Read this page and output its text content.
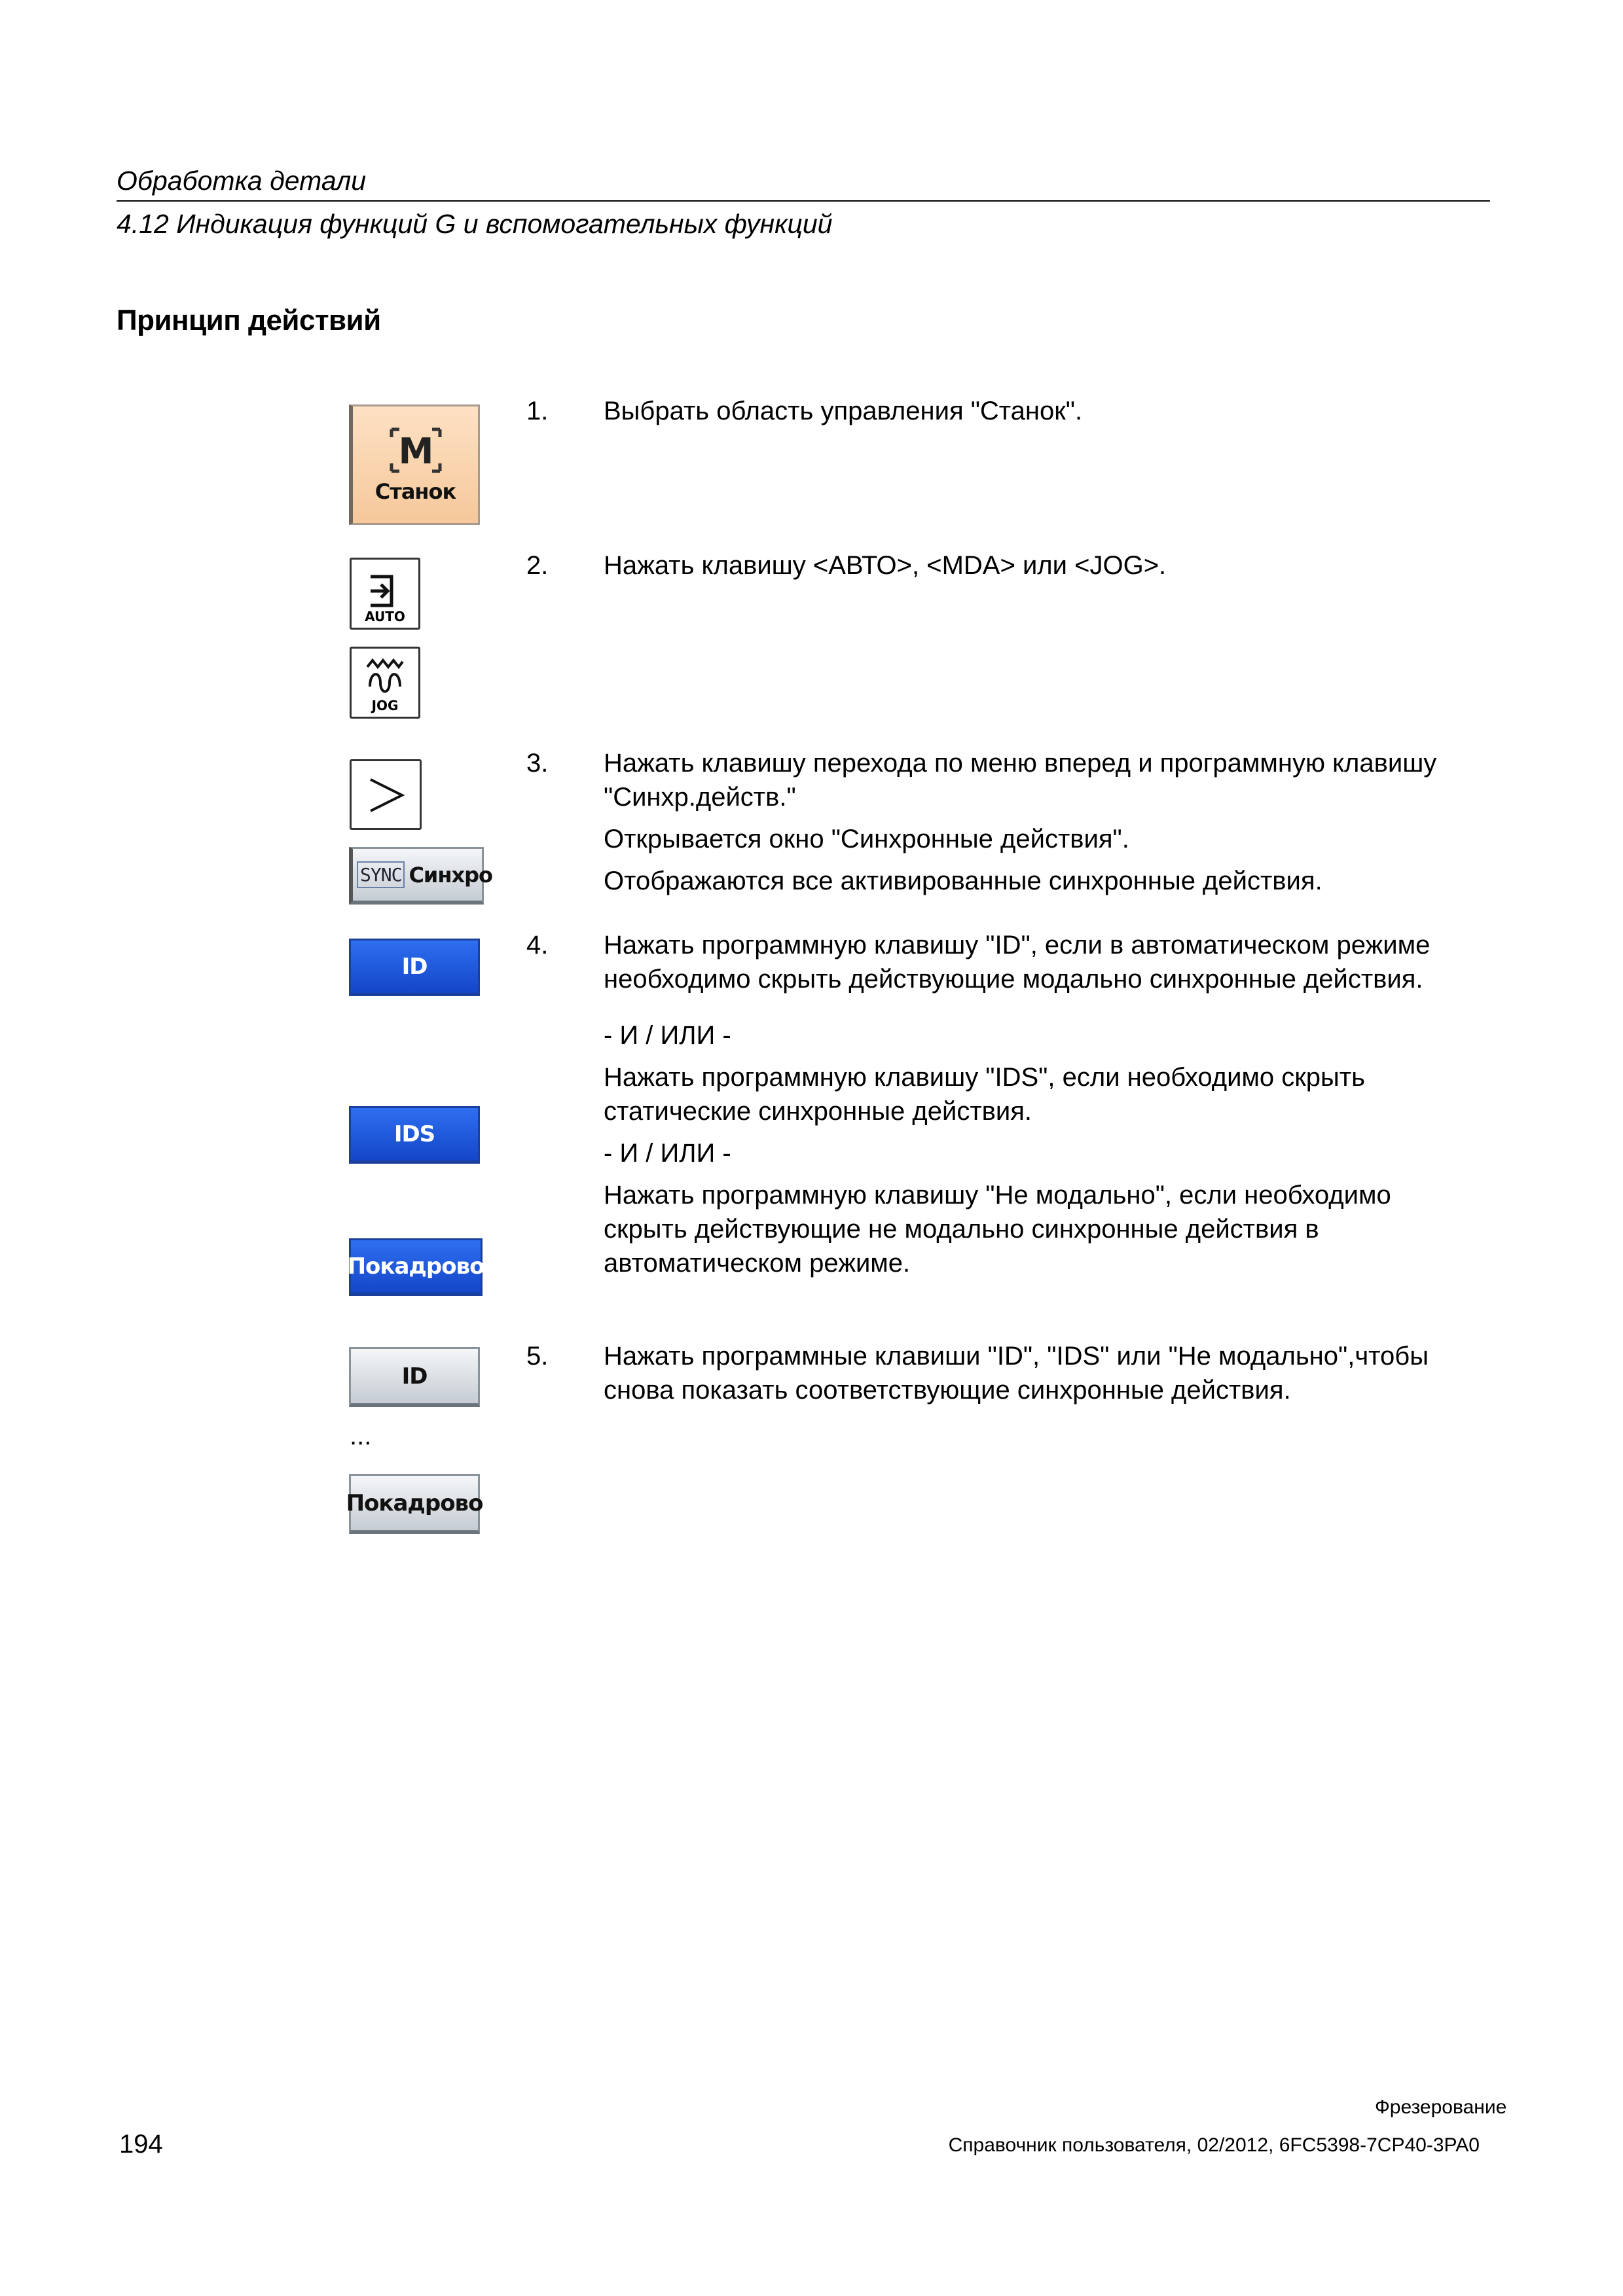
Обработка детали
4.12 Индикация функций G и вспомогательных функций
Принцип действий
M
Станок
AUTO
JOG
SYNC Синхро
ID
IDS
Покадрово
ID
...
Покадрово
1. Выбрать область управления "Станок".

2. Нажать клавишу <АВТО>, <MDA> или <JOG>.

3. Нажать клавишу перехода по меню вперед и программную клавишу "Синхр.действ."

Открывается окно "Синхронные действия".

Отображаются все активированные синхронные действия.

4. Нажать программную клавишу "ID", если в автоматическом режиме необходимо скрыть действующие модально синхронные действия.

- И / ИЛИ -

Нажать программную клавишу "IDS", если необходимо скрыть статические синхронные действия.

- И / ИЛИ -

Нажать программную клавишу "Не модально", если необходимо скрыть действующие не модально синхронные действия в автоматическом режиме.

5. Нажать программные клавиши "ID", "IDS" или "Не модально",чтобы снова показать соответствующие синхронные действия.

Фрезерование
194	Справочник пользователя, 02/2012, 6FC5398-7CP40-3PA0
